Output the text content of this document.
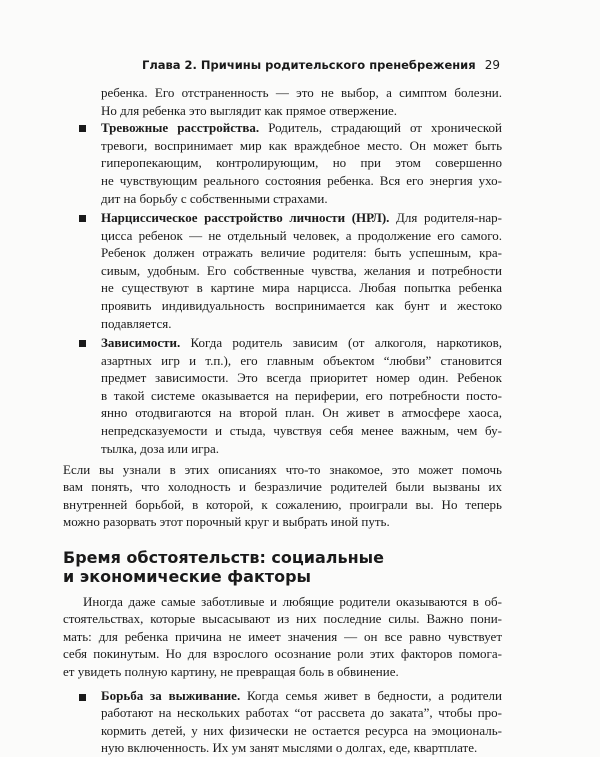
Глава 2. Причины родительского пренебрежения 29
ребенка. Его отстраненность — это не выбор, а симптом болезни.
Но для ребенка это выглядит как прямое отвержение.
Тревожные расстройства. Родитель, страдающий от хронической
тревоги, воспринимает мир как враждебное место. Он может быть
гиперопекающим, контролирующим, но при этом совершенно
не чувствующим реального состояния ребенка. Вся его энергия ухо-
дит на борьбу с собственными страхами.
Нарциссическое расстройство личности (НРЛ). Для родителя-нар-
цисса ребенок — не отдельный человек, а продолжение его самого.
Ребенок должен отражать величие родителя: быть успешным, кра-
сивым, удобным. Его собственные чувства, желания и потребности
не существуют в картине мира нарцисса. Любая попытка ребенка
проявить индивидуальность воспринимается как бунт и жестоко
подавляется.
Зависимости. Когда родитель зависим (от алкоголя, наркотиков,
азартных игр и т.п.), его главным объектом “любви” становится
предмет зависимости. Это всегда приоритет номер один. Ребенок
в такой системе оказывается на периферии, его потребности посто-
янно отодвигаются на второй план. Он живет в атмосфере хаоса,
непредсказуемости и стыда, чувствуя себя менее важным, чем бу-
тылка, доза или игра.
Если вы узнали в этих описаниях что-то знакомое, это может помочь
вам понять, что холодность и безразличие родителей были вызваны их
внутренней борьбой, в которой, к сожалению, проиграли вы. Но теперь
можно разорвать этот порочный круг и выбрать иной путь.
Бремя обстоятельств: социальные
и экономические факторы
Иногда даже самые заботливые и любящие родители оказываются в об-
стоятельствах, которые высасывают из них последние силы. Важно пони-
мать: для ребенка причина не имеет значения — он все равно чувствует
себя покинутым. Но для взрослого осознание роли этих факторов помога-
ет увидеть полную картину, не превращая боль в обвинение.
Борьба за выживание. Когда семья живет в бедности, а родители
работают на нескольких работах “от рассвета до заката”, чтобы про-
кормить детей, у них физически не остается ресурса на эмоциональ-
ную включенность. Их ум занят мыслями о долгах, еде, квартплате.
